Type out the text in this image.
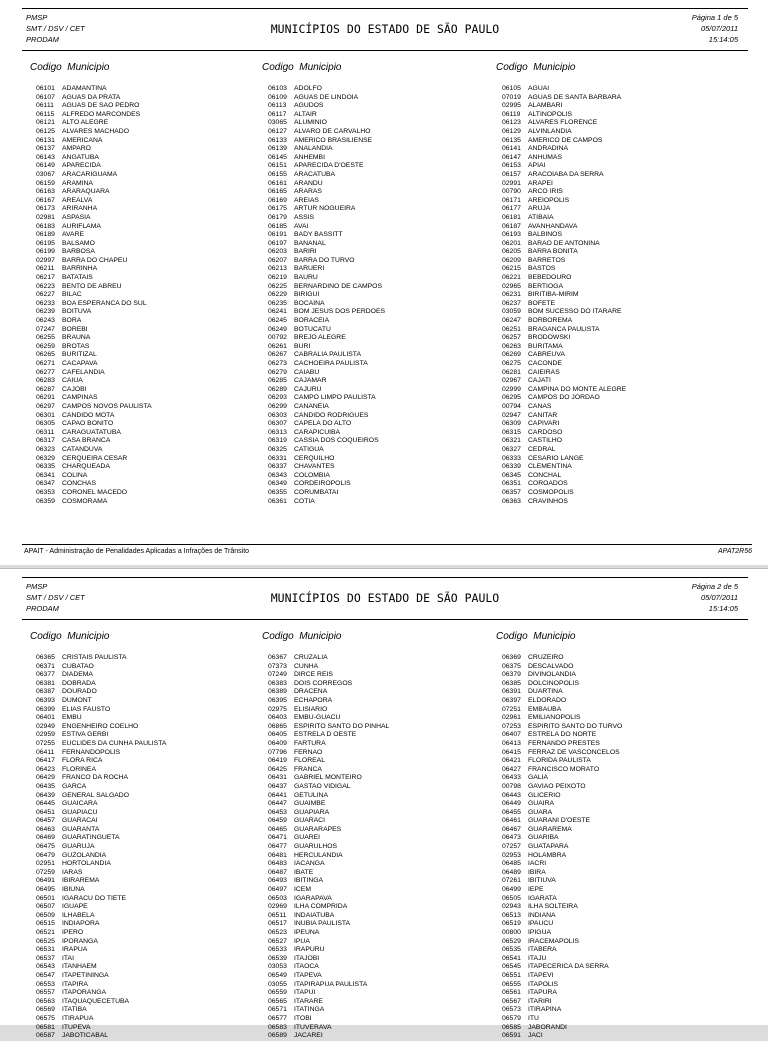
PMSP
SMT / DSV / CET
PRODAM
MUNICÍPIOS DO ESTADO DE SÃO PAULO
Página 1 de 5
05/07/2011
15:14:05
Codigo  Municipio
06101 ADAMANTINA
06107 AGUAS DA PRATA
06111 AGUAS DE SAO PEDRO
06115 ALFREDO MARCONDES
06121 ALTO ALEGRE
06125 ALVARES MACHADO
06131 AMERICANA
06137 AMPARO
06143 ANGATUBA
06149 APARECIDA
03067 ARACARIGUAMA
06159 ARAMINA
06163 ARARAQUARA
06167 AREALVA
06173 ARIRANHA
02981 ASPASIA
06183 AURIFLAMA
06189 AVARE
06195 BALSAMO
06199 BARBOSA
02997 BARRA DO CHAPEU
06211 BARRINHA
06217 BATATAIS
06223 BENTO DE ABREU
06227 BILAC
06233 BOA ESPERANCA DO SUL
06239 BOITUVA
06243 BORA
07247 BOREBI
06255 BRAUNA
06259 BROTAS
06265 BURITIZAL
06271 CACAPAVA
06277 CAFELANDIA
06283 CAIUA
06287 CAJOBI
06291 CAMPINAS
06297 CAMPOS NOVOS PAULISTA
06301 CANDIDO MOTA
06305 CAPAO BONITO
06311 CARAGUATATUBA
06317 CASA BRANCA
06323 CATANDUVA
06329 CERQUEIRA CESAR
06335 CHARQUEADA
06341 COLINA
06347 CONCHAS
06353 CORONEL MACEDO
06359 COSMORAMA
Codigo  Municipio
06103 ADOLFO
06109 AGUAS DE LINDOIA
06113 AGUDOS
06117 ALTAIR
03065 ALUMINIO
06127 ALVARO DE CARVALHO
06133 AMERICO BRASILIENSE
06139 ANALANDIA
06145 ANHEMBI
06151 APARECIDA D'OESTE
06155 ARACATUBA
06161 ARANDU
06165 ARARAS
06169 AREIAS
06175 ARTUR NOGUEIRA
06179 ASSIS
06185 AVAI
06191 BADY BASSITT
06197 BANANAL
06203 BARIRI
06207 BARRA DO TURVO
06213 BARUERI
06219 BAURU
06225 BERNARDINO DE CAMPOS
06229 BIRIGUI
06235 BOCAINA
06241 BOM JESUS DOS PERDOES
06245 BORACEIA
06249 BOTUCATU
00792 BREJO ALEGRE
06261 BURI
06267 CABRALIA PAULISTA
06273 CACHOEIRA PAULISTA
06279 CAIABU
06285 CAJAMAR
06289 CAJURU
06293 CAMPO LIMPO PAULISTA
06299 CANANEIA
06303 CANDIDO RODRIGUES
06307 CAPELA DO ALTO
06313 CARAPICUIBA
06319 CASSIA DOS COQUEIROS
06325 CATIGUA
06331 CERQUILHO
06337 CHAVANTES
06343 COLOMBIA
06349 CORDEIROPOLIS
06355 CORUMBATAI
06361 COTIA
Codigo  Municipio
06105 AGUAI
07019 AGUAS DE SANTA BARBARA
02995 ALAMBARI
06119 ALTINOPOLIS
06123 ALVARES FLORENCE
06129 ALVINLANDIA
06135 AMERICO DE CAMPOS
06141 ANDRADINA
06147 ANHUMAS
06153 APIAI
06157 ARACOIABA DA SERRA
02991 ARAPEI
00790 ARCO IRIS
06171 AREIOPOLIS
06177 ARUJA
06181 ATIBAIA
06187 AVANHANDAVA
06193 BALBINOS
06201 BARAO DE ANTONINA
06205 BARRA BONITA
06209 BARRETOS
06215 BASTOS
06221 BEBEDOURO
02965 BERTIOGA
06231 BIRITIBA-MIRIM
06237 BOFETE
03059 BOM SUCESSO DO ITARARE
06247 BORBOREMA
06251 BRAGANCA PAULISTA
06257 BRODOWSKI
06263 BURITAMA
06269 CABREUVA
06275 CACONDE
06281 CAIEIRAS
02967 CAJATI
02999 CAMPINA DO MONTE ALEGRE
06295 CAMPOS DO JORDAO
00794 CANAS
02947 CANITAR
06309 CAPIVARI
06315 CARDOSO
06321 CASTILHO
06327 CEDRAL
06333 CESARIO LANGE
06339 CLEMENTINA
06345 CONCHAL
06351 COROADOS
06357 COSMOPOLIS
06363 CRAVINHOS
APAIT - Administração de Penalidades Aplicadas a Infrações de Trânsito	APAT2R56
PMSP
SMT / DSV / CET
PRODAM
MUNICÍPIOS DO ESTADO DE SÃO PAULO
Página 2 de 5
05/07/2011
15:14:05
Codigo  Municipio
06365 CRISTAIS PAULISTA
06371 CUBATAO
06377 DIADEMA
06381 DOBRADA
06387 DOURADO
06393 DUMONT
06399 ELIAS FAUSTO
06401 EMBU
02949 ENGENHEIRO COELHO
02959 ESTIVA GERBI
07255 EUCLIDES DA CUNHA PAULISTA
06411 FERNANDOPOLIS
06417 FLORA RICA
06423 FLORINEA
06429 FRANCO DA ROCHA
06435 GARCA
06439 GENERAL SALGADO
06445 GUAICARA
06451 GUAPIACU
06457 GUARACAI
06463 GUARANTA
06469 GUARATINGUETA
06475 GUARUJA
06479 GUZOLANDIA
02951 HORTOLANDIA
07259 IARAS
06491 IBIRAREMA
06495 IBIUNA
06501 IGARACU DO TIETE
06507 IGUAPE
06509 ILHABELA
06515 INDIAPORA
06521 IPERO
06525 IPORANGA
06531 IRAPUA
06537 ITAI
06543 ITANHAEM
06547 ITAPETININGA
06553 ITAPIRA
06557 ITAPORANGA
06563 ITAQUAQUECETUBA
06569 ITATIBA
06575 ITIRAPUA
06581 ITUPEVA
06587 JABOTICABAL
Codigo  Municipio
06367 CRUZALIA
07373 CUNHA
07249 DIRCE REIS
06383 DOIS CORREGOS
06389 DRACENA
06395 ECHAPORA
02975 ELISIARIO
06403 EMBU-GUACU
06865 ESPIRITO SANTO DO PINHAL
06405 ESTRELA D OESTE
06409 FARTURA
07796 FERNAO
06419 FLOREAL
06425 FRANCA
06431 GABRIEL MONTEIRO
06437 GASTAO VIDIGAL
06441 GETULINA
06447 GUAIMBE
06453 GUAPIARA
06459 GUARACI
06465 GUARARAPES
06471 GUAREI
06477 GUARULHOS
06481 HERCULANDIA
06483 IACANGA
06487 IBATE
06493 IBITINGA
06497 ICEM
06503 IGARAPAVA
02969 ILHA COMPRIDA
06511 INDAIATUBA
06517 INUBIA PAULISTA
06523 IPEUNA
06527 IPUA
06533 IRAPURU
06539 ITAJOBI
03053 ITAOCA
06549 ITAPEVA
03055 ITAPIRAPUA PAULISTA
06559 ITAPUI
06565 ITARARE
06571 ITATINGA
06577 ITOBI
06583 ITUVERAVA
06589 JACAREI
Codigo  Municipio
06369 CRUZEIRO
06375 DESCALVADO
06379 DIVINOLANDIA
06385 DOLCINOPOLIS
06391 DUARTINA
06397 ELDORADO
07251 EMBAUBA
02961 EMILIANOPOLIS
07253 ESPIRITO SANTO DO TURVO
06407 ESTRELA DO NORTE
06413 FERNANDO PRESTES
06415 FERRAZ DE VASCONCELOS
06421 FLORIDA PAULISTA
06427 FRANCISCO MORATO
06433 GALIA
00798 GAVIAO PEIXOTO
06443 GLICERIO
06449 GUAIRA
06455 GUARA
06461 GUARANI D'OESTE
06467 GUARAREMA
06473 GUARIBA
07257 GUATAPARA
02953 HOLAMBRA
06485 IACRI
06489 IBIRA
07261 IBITIUVA
06499 IEPE
06505 IGARATA
02943 ILHA SOLTEIRA
06513 INDIANA
06519 IPAUCU
00800 IPIGUA
06529 IRACEMAPOLIS
06535 ITABERA
06541 ITAJU
06545 ITAPECERICA DA SERRA
06551 ITAPEVI
06555 ITAPOLIS
06561 ITAPURA
06567 ITARIRI
06573 ITIRAPINA
06579 ITU
06585 JABORANDI
06591 JACI
